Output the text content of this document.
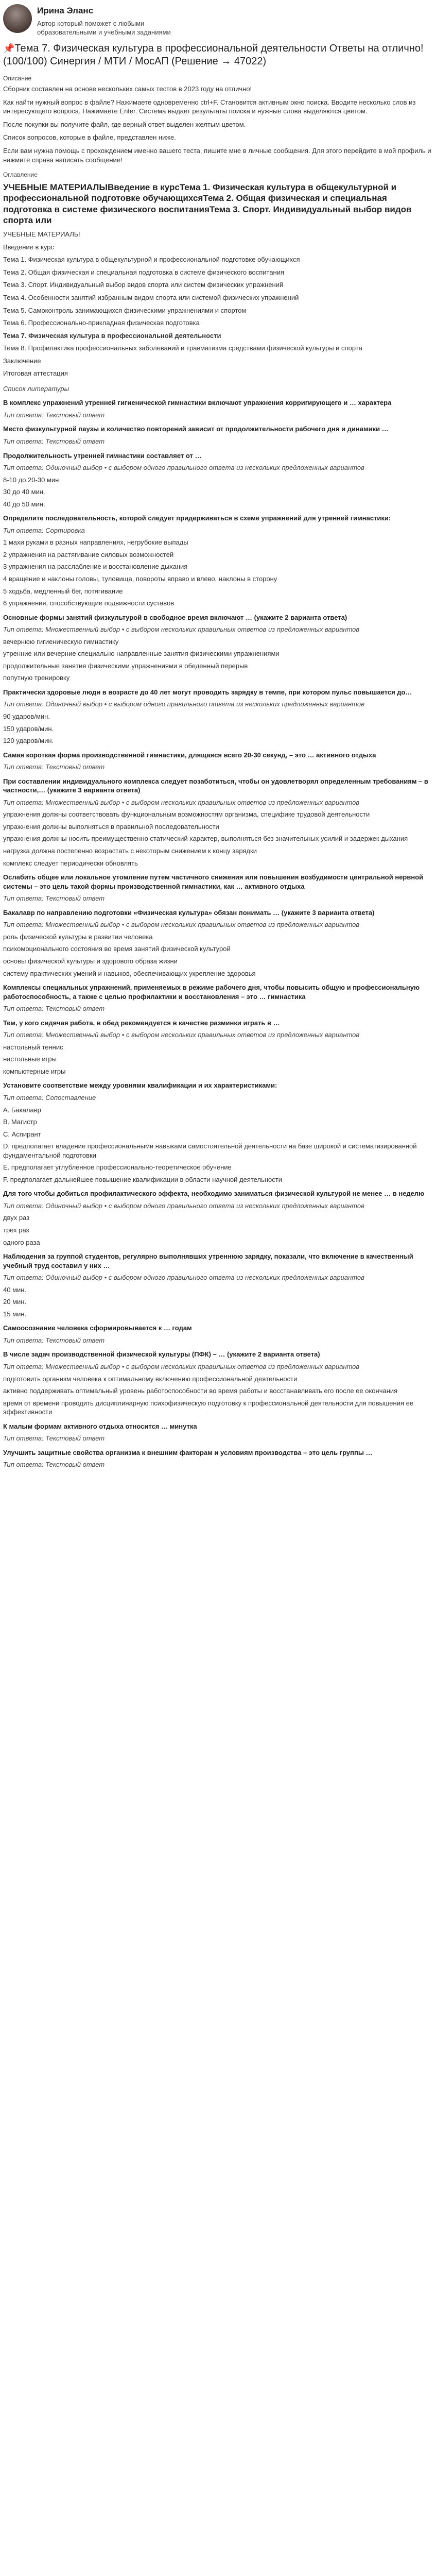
Ирина Эланс
Автор который поможет с любыми образовательными и учебными заданиями
📌Тема 7. Физическая культура в профессиональной деятельности Ответы на отлично! (100/100) Синергия / МТИ / МосАП (Решение → 47022)
Описание
Сборник составлен на основе нескольких самых тестов в 2023 году на отлично!
Как найти нужный вопрос в файле? Нажимаете одновременно ctrl+F. Становится активным окно поиска. Вводите несколько слов из интересующего вопроса. Нажимаете Enter. Система выдает результаты поиска и нужные слова выделяются цветом.
После покупки вы получите файл, где верный ответ выделен желтым цветом.
Список вопросов, которые в файле, представлен ниже.
Если вам нужна помощь с прохождением именно вашего теста, пишите мне в личные сообщения. Для этого перейдите в мой профиль и нажмите справа написать сообщение!
Оглавление
УЧЕБНЫЕ МАТЕРИАЛЫВведение в курсТема 1. Физическая культура в общекультурной и профессиональной подготовке обучающихсяТема 2. Общая физическая и специальная подготовка в системе физического воспитанияТема 3. Спорт. Индивидуальный выбор видов спорта или
УЧЕБНЫЕ МАТЕРИАЛЫ
Введение в курс
Тема 1. Физическая культура в общекультурной и профессиональной подготовке обучающихся
Тема 2. Общая физическая и специальная подготовка в системе физического воспитания
Тема 3. Спорт. Индивидуальный выбор видов спорта или систем физических упражнений
Тема 4. Особенности занятий избранным видом спорта или системой физических упражнений
Тема 5. Самоконтроль занимающихся физическими упражнениями и спортом
Тема 6. Профессионально-прикладная физическая подготовка
Тема 7. Физическая культура в профессиональной деятельности
Тема 8. Профилактика профессиональных заболеваний и травматизма средствами физической культуры и спорта
Заключение
Итоговая аттестация
Список литературы
В комплекс упражнений утренней гигиенической гимнастики включают упражнения корригирующего и … характера
Тип ответа: Текстовый ответ
Место физкультурной паузы и количество повторений зависит от продолжительности рабочего дня и динамики …
Тип ответа: Текстовый ответ
Продолжительность утренней гимнастики составляет от …
Тип ответа: Одиночный выбор • с выбором одного правильного ответа из нескольких предложенных вариантов
8-10 до 20-30 мин
30 до 40 мин.
40 до 50 мин.
Определите последовательность, которой следует придерживаться в схеме упражнений для утренней гимнастики:
Тип ответа: Сортировка
1 мaxи руками в разных направлениях, негрубoкие выпады
2 упражнения на растягивание силовых возможностей
3 упражнения на расслабление и восстановление дыхания
4 вращение и наклоны головы, туловища, повороты вправо и влево, наклоны в сторону
5 ходьба, медленный бег, потягивание
6 упражнения, способствующие подвижности суставов
Основные формы занятий физкультурой в свободное время включают … (укажите 2 варианта ответа)
Тип ответа: Множественный выбор • с выбором нескольких правильных ответов из предложенных вариантов
вечернюю гигиеническую гимнастику
утренние или вечерние специально направленные занятия физическими упражнениями
продолжительные занятия физическими упражнениями в обеденный перерыв
попутную тренировку
Практически здоровые люди в возрасте до 40 лет могут проводить зарядку в темпе, при котором пульс повышается до…
Тип ответа: Одиночный выбор • с выбором одного правильного ответа из нескольких предложенных вариантов
90 ударов/мин.
150 ударов/мин.
120 ударов/мин.
Самая короткая форма производственной гимнастики, длящаяся всего 20-30 секунд, – это … активного отдыха
Тип ответа: Текстовый ответ
При составлении индивидуального комплекса следует позаботиться, чтобы он удовлетворял определенным требованиям – в частности,… (укажите 3 варианта ответа)
Тип ответа: Множественный выбор • с выбором нескольких правильных ответов из предложенных вариантов
упражнения должны соответствовать функциональным возможностям организма, специфике трудовой деятельности
упражнения должны выполняться в правильной последовательности
упражнения должны носить преимущественно статический характер, выполняться без значительных усилий и задержек дыхания
нагрузка должна постепенно возрастать с некоторым снижением к концу зарядки
комплекс следует периодически обновлять
Ослабить общее или локальное утомление путем частичного снижения или повышения возбудимости центральной нервной системы – это цель такой формы производственной гимнастики, как … активного отдыха
Тип ответа: Текстовый ответ
Бакалавр по направлению подготовки «Физическая культура» обязан понимать … (укажите 3 варианта ответа)
Тип ответа: Множественный выбор • с выбором нескольких правильных ответов из предложенных вариантов
роль физической культуры в развитии человека
психомоционального состояния во время занятий физической культурой
основы физической культуры и здорового образа жизни
систему практических умений и навыков, обеспечивающих укрепление здоровья
Комплексы специальных упражнений, применяемых в режиме рабочего дня, чтобы повысить общую и профессиональную работоспособность, а также с целью профилактики и восстановления – это … гимнастика
Тип ответа: Текстовый ответ
Тем, у кого сидячая работа, в обед рекомендуется в качестве разминки играть в …
Тип ответа: Множественный выбор • с выбором нескольких правильных ответов из предложенных вариантов
настольный теннис
настольные игры
компьютерные игры
Установите соответствие между уровнями квалификации и их характеристиками:
Тип ответа: Сопоставление
A. Бакалавр
B. Магистр
C. Аспирант
D. предполагает владение профессиональными навыками самостоятельной деятельности на базе широкой и систематизированной фундаментальной подготовки
E. предполагает углубленное профессионально-теоретическое обучение
F. предполагает дальнейшее повышение квалификации в области научной деятельности
Для того чтобы добиться профилактического эффекта, необходимо заниматься физической культурой не менее … в неделю
Тип ответа: Одиночный выбор • с выбором одного правильного ответа из нескольких предложенных вариантов
двух раз
трех раз
одного раза
Наблюдения за группой студентов, регулярно выполнявших утреннюю зарядку, показали, что включение в качественный учебный труд составил у них …
Тип ответа: Одиночный выбор • с выбором одного правильного ответа из нескольких предложенных вариантов
40 мин.
20 мин.
15 мин.
Самоосознание человека сформировывается к … годам
Тип ответа: Текстовый ответ
В числе задач производственной физической культуры (ПФК) – … (укажите 2 варианта ответа)
Тип ответа: Множественный выбор • с выбором нескольких правильных ответов из предложенных вариантов
подготовить организм человека к оптимальному включению профессиональной деятельности
активно поддерживать оптимальный уровень работоспособности во время работы и восстанавливать его после ее окончания
время от времени проводить дисциплинарную психофизическую подготовку к профессиональной деятельности для повышения ее эффективности
К малым формам активного отдыха относится … минутка
Тип ответа: Текстовый ответ
Улучшить защитные свойства организма к внешним факторам и условиям производства – это цель группы …
Тип ответа: Текстовый ответ
